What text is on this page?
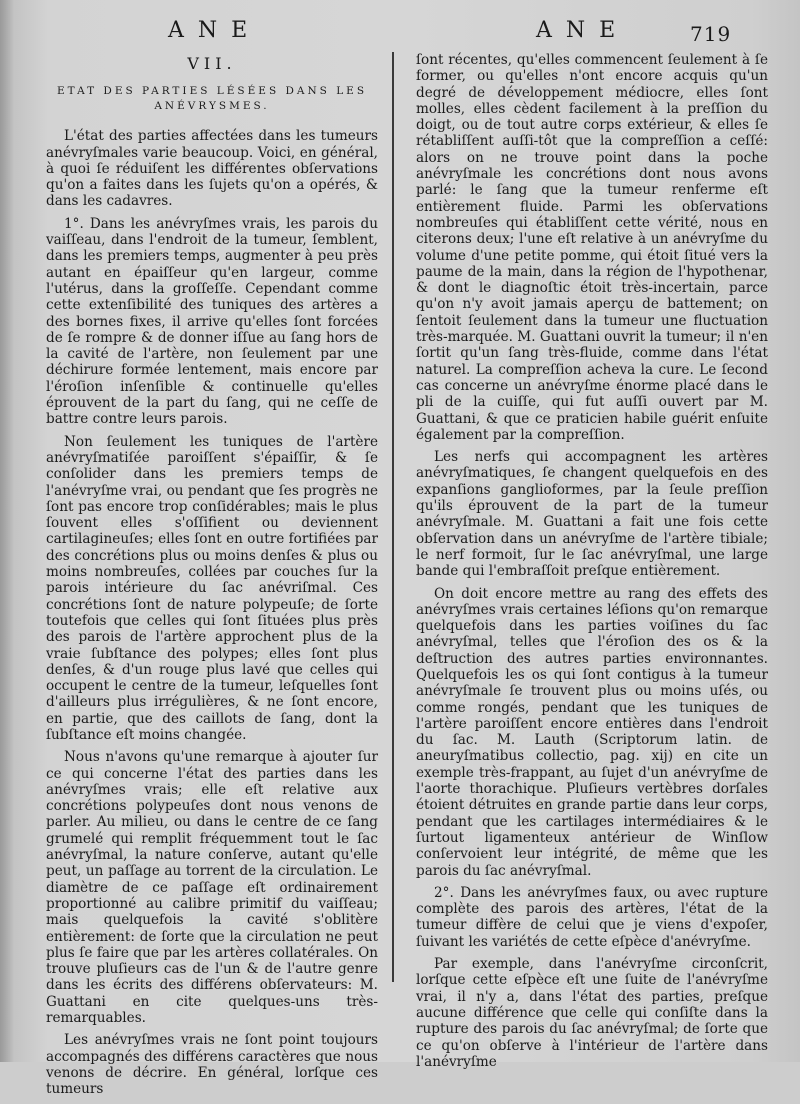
ANE	ANE	719
VII.
ETAT DES PARTIES LÉSÉES DANS LES ANÉVRYSMES.

L'état des parties affectées dans les tumeurs anévryſmales varie beaucoup. Voici, en général, à quoi ſe réduiſent les différentes obſervations qu'on a faites dans les ſujets qu'on a opérés, & dans les cadavres.

1°. Dans les anévryſmes vrais, les parois du vaiſſeau, dans l'endroit de la tumeur, ſemblent, dans les premiers temps, augmenter à peu près autant en épaiſſeur qu'en largeur, comme l'utérus, dans la groſſeſſe. Cependant comme cette extenſibilité des tuniques des artères a des bornes fixes, il arrive qu'elles ſont forcées de ſe rompre & de donner iſſue au ſang hors de la cavité de l'artère, non ſeulement par une déchirure formée lentement, mais encore par l'éroſion inſenſible & continuelle qu'elles éprouvent de la part du ſang, qui ne ceſſe de battre contre leurs parois.

Non ſeulement les tuniques de l'artère anévryſmatiſée paroiſſent s'épaiſſir, & ſe conſolider dans les premiers temps de l'anévryſme vrai, ou pendant que ſes progrès ne ſont pas encore trop conſidérables; mais le plus ſouvent elles s'oſſifient ou deviennent cartilagineuſes; elles ſont en outre fortifiées par des concrétions plus ou moins denſes & plus ou moins nombreuſes, collées par couches ſur la parois intérieure du ſac anévriſmal. Ces concrétions ſont de nature polypeuſe; de ſorte toutefois que celles qui ſont ſituées plus près des parois de l'artère approchent plus de la vraie ſubſtance des polypes; elles ſont plus denſes, & d'un rouge plus lavé que celles qui occupent le centre de la tumeur, leſquelles ſont d'ailleurs plus irrégulières, & ne ſont encore, en partie, que des caillots de ſang, dont la ſubſtance eſt moins changée.

Nous n'avons qu'une remarque à ajouter ſur ce qui concerne l'état des parties dans les anévryſmes vrais; elle eſt relative aux concrétions polypeuſes dont nous venons de parler. Au milieu, ou dans le centre de ce ſang grumelé qui remplit fréquemment tout le ſac anévryſmal, la nature conſerve, autant qu'elle peut, un paſſage au torrent de la circulation. Le diamètre de ce paſſage eſt ordinairement proportionné au calibre primitif du vaiſſeau; mais quelquefois la cavité s'oblitère entièrement: de ſorte que la circulation ne peut plus ſe faire que par les artères collatérales. On trouve pluſieurs cas de l'un & de l'autre genre dans les écrits des différens obſervateurs: M. Guattani en cite quelques-uns très-remarquables.

Les anévryſmes vrais ne ſont point toujours accompagnés des différens caractères que nous venons de décrire. En général, lorſque ces tumeurs

ſont récentes, qu'elles commencent ſeulement à ſe former, ou qu'elles n'ont encore acquis qu'un degré de développement médiocre, elles ſont molles, elles cèdent facilement à la preſſion du doigt, ou de tout autre corps extérieur, & elles ſe rétabliſſent auſſi-tôt que la compreſſion a ceſſé: alors on ne trouve point dans la poche anévryſmale les concrétions dont nous avons parlé: le ſang que la tumeur renferme eſt entièrement fluide. Parmi les obſervations nombreuſes qui établiſſent cette vérité, nous en citerons deux; l'une eſt relative à un anévryſme du volume d'une petite pomme, qui étoit ſitué vers la paume de la main, dans la région de l'hypothenar, & dont le diagnoſtic étoit très-incertain, parce qu'on n'y avoit jamais aperçu de battement; on ſentoit ſeulement dans la tumeur une fluctuation très-marquée. M. Guattani ouvrit la tumeur; il n'en ſortit qu'un ſang très-fluide, comme dans l'état naturel. La compreſſion acheva la cure. Le ſecond cas concerne un anévryſme énorme placé dans le pli de la cuiſſe, qui fut auſſi ouvert par M. Guattani, & que ce praticien habile guérit enſuite également par la compreſſion.

Les nerfs qui accompagnent les artères anévryſmatiques, ſe changent quelquefois en des expanſions ganglioformes, par la ſeule preſſion qu'ils éprouvent de la part de la tumeur anévryſmale. M. Guattani a fait une fois cette obſervation dans un anévryſme de l'artère tibiale; le nerf formoit, ſur le ſac anévryſmal, une large bande qui l'embraſſoit preſque entièrement.

On doit encore mettre au rang des effets des anévryſmes vrais certaines léſions qu'on remarque quelquefois dans les parties voiſines du ſac anévryſmal, telles que l'éroſion des os & la deſtruction des autres parties environnantes. Quelquefois les os qui ſont contigus à la tumeur anévryſmale ſe trouvent plus ou moins uſés, ou comme rongés, pendant que les tuniques de l'artère paroiſſent encore entières dans l'endroit du ſac. M. Lauth (Scriptorum latin. de aneuryſmatibus collectio, pag. xij) en cite un exemple très-frappant, au ſujet d'un anévryſme de l'aorte thorachique. Pluſieurs vertèbres dorſales étoient détruites en grande partie dans leur corps, pendant que les cartilages intermédiaires & le ſurtout ligamenteux antérieur de Winſlow conſervoient leur intégrité, de même que les parois du ſac anévryſmal.

2°. Dans les anévryſmes faux, ou avec rupture complète des parois des artères, l'état de la tumeur diffère de celui que je viens d'expoſer, ſuivant les variétés de cette eſpèce d'anévryſme.

Par exemple, dans l'anévryſme circonſcrit, lorſque cette eſpèce eſt une ſuite de l'anévryſme vrai, il n'y a, dans l'état des parties, preſque aucune différence que celle qui conſiſte dans la rupture des parois du ſac anévryſmal; de ſorte que ce qu'on obſerve à l'intérieur de l'artère dans l'anévryſme
